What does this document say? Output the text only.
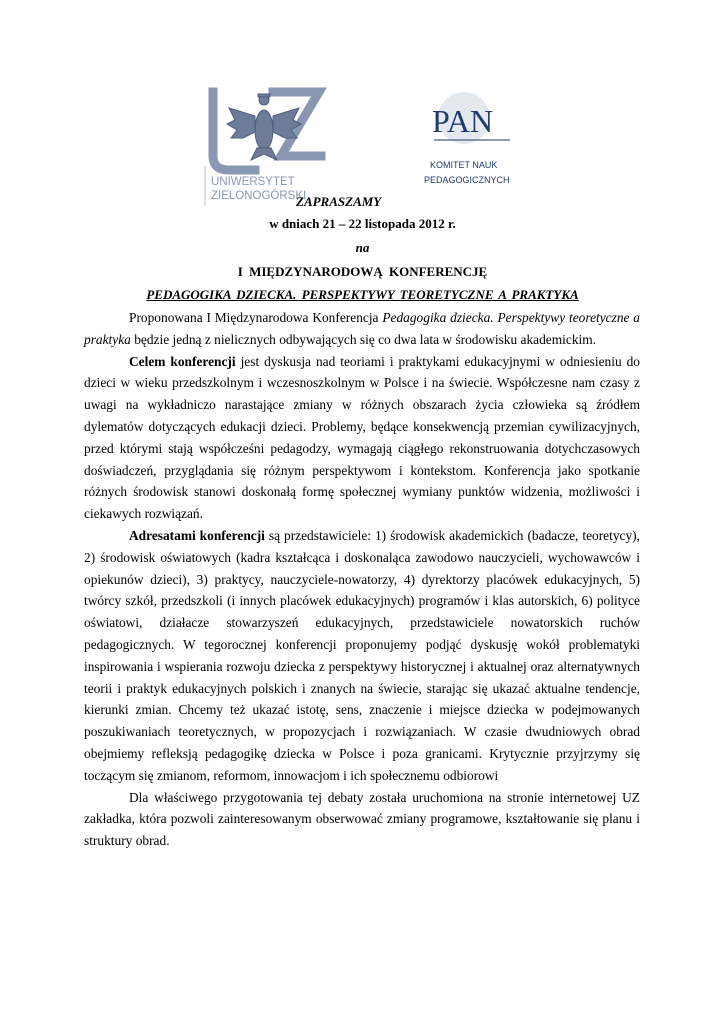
UNIWERSYTET
ZIELONOGÓRSKI
PAN
KOMITET NAUK
PEDAGOGICZNYCH
ZAPRASZAMY
w dniach 21 – 22 listopada 2012 r.
na
I MIĘDZYNARODOWĄ KONFERENCJĘ
PEDAGOGIKA DZIECKA. PERSPEKTYWY TEORETYCZNE A PRAKTYKA

Proponowana I Międzynarodowa Konferencja Pedagogika dziecka. Perspektywy teoretyczne a praktyka będzie jedną z nielicznych odbywających się co dwa lata w środowisku akademickim.

Celem konferencji jest dyskusja nad teoriami i praktykami edukacyjnymi w odniesieniu do dzieci w wieku przedszkolnym i wczesnoszkolnym w Polsce i na świecie. Współczesne nam czasy z uwagi na wykładniczo narastające zmiany w różnych obszarach życia człowieka są źródłem dylematów dotyczących edukacji dzieci. Problemy, będące konsekwencją przemian cywilizacyjnych, przed którymi stają współcześni pedagodzy, wymagają ciągłego rekonstruowania dotychczasowych doświadczeń, przyglądania się różnym perspektywom i kontekstom. Konferencja jako spotkanie różnych środowisk stanowi doskonałą formę społecznej wymiany punktów widzenia, możliwości i ciekawych rozwiązań.

Adresatami konferencji są przedstawiciele: 1) środowisk akademickich (badacze, teoretycy), 2) środowisk oświatowych (kadra kształcąca i doskonaląca zawodowo nauczycieli, wychowawców i opiekunów dzieci), 3) praktycy, nauczyciele-nowatorzy, 4) dyrektorzy placówek edukacyjnych, 5) twórcy szkół, przedszkoli (i innych placówek edukacyjnych) programów i klas autorskich, 6) polityce oświatowi, działacze stowarzyszeń edukacyjnych, przedstawiciele nowatorskich ruchów pedagogicznych. W tegorocznej konferencji proponujemy podjąć dyskusję wokół problematyki inspirowania i wspierania rozwoju dziecka z perspektywy historycznej i aktualnej oraz alternatywnych teorii i praktyk edukacyjnych polskich i znanych na świecie, starając się ukazać aktualne tendencje, kierunki zmian. Chcemy też ukazać istotę, sens, znaczenie i miejsce dziecka w podejmowanych poszukiwaniach teoretycznych, w propozycjach i rozwiązaniach. W czasie dwudniowych obrad obejmiemy refleksją pedagogikę dziecka w Polsce i poza granicami. Krytycznie przyjrzymy się toczącym się zmianom, reformom, innowacjom i ich społecznemu odbiorowi

Dla właściwego przygotowania tej debaty została uruchomiona na stronie internetowej UZ zakładka, która pozwoli zainteresowanym obserwować zmiany programowe, kształtowanie się planu i struktury obrad.
